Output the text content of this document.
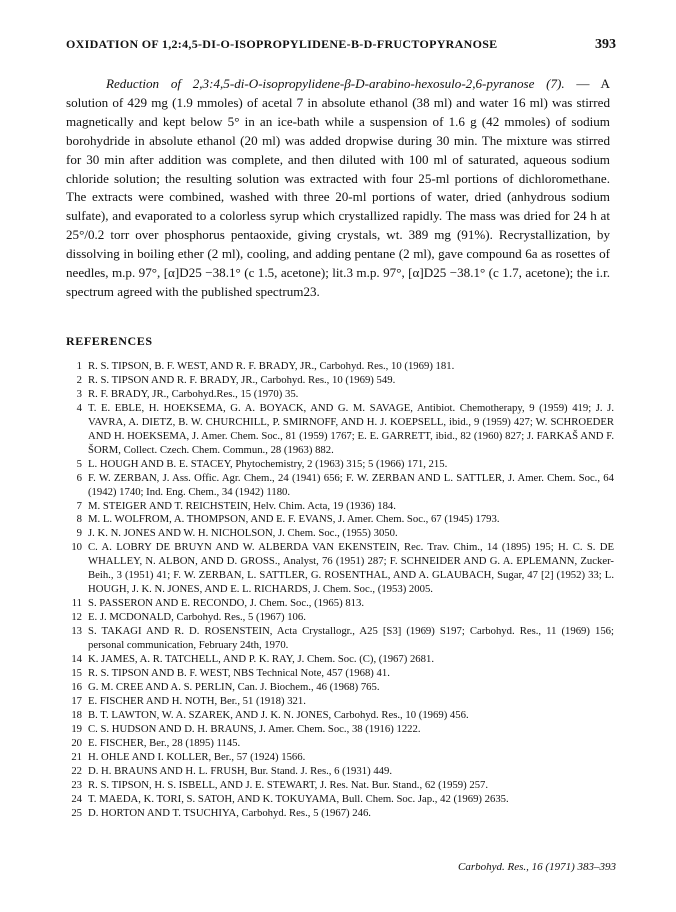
OXIDATION OF 1,2:4,5-DI-O-ISOPROPYLIDENE-Β-D-FRUCTOPYRANOSE	393
Reduction of 2,3:4,5-di-O-isopropylidene-β-D-arabino-hexosulo-2,6-pyranose (7). — A solution of 429 mg (1.9 mmoles) of acetal 7 in absolute ethanol (38 ml) and water 16 ml) was stirred magnetically and kept below 5° in an ice-bath while a suspension of 1.6 g (42 mmoles) of sodium borohydride in absolute ethanol (20 ml) was added dropwise during 30 min. The mixture was stirred for 30 min after addition was complete, and then diluted with 100 ml of saturated, aqueous sodium chloride solution; the resulting solution was extracted with four 25-ml portions of dichloromethane. The extracts were combined, washed with three 20-ml portions of water, dried (anhydrous sodium sulfate), and evaporated to a colorless syrup which crystallized rapidly. The mass was dried for 24 h at 25°/0.2 torr over phosphorus pentaoxide, giving crystals, wt. 389 mg (91%). Recrystallization, by dissolving in boiling ether (2 ml), cooling, and adding pentane (2 ml), gave compound 6a as rosettes of needles, m.p. 97°, [α]D25 −38.1° (c 1.5, acetone); lit.3 m.p. 97°, [α]D25 −38.1° (c 1.7, acetone); the i.r. spectrum agreed with the published spectrum23.
REFERENCES
1 R. S. TIPSON, B. F. WEST, AND R. F. BRADY, JR., Carbohyd. Res., 10 (1969) 181.
2 R. S. TIPSON AND R. F. BRADY, JR., Carbohyd. Res., 10 (1969) 549.
3 R. F. BRADY, JR., Carbohyd.Res., 15 (1970) 35.
4 T. E. EBLE, H. HOEKSEMA, G. A. BOYACK, AND G. M. SAVAGE, Antibiot. Chemotherapy, 9 (1959) 419; J. J. VAVRA, A. DIETZ, B. W. CHURCHILL, P. SMIRNOFF, AND H. J. KOEPSELL, ibid., 9 (1959) 427; W. SCHROEDER AND H. HOEKSEMA, J. Amer. Chem. Soc., 81 (1959) 1767; E. E. GARRETT, ibid., 82 (1960) 827; J. FARKAŠ AND F. ŠORM, Collect. Czech. Chem. Commun., 28 (1963) 882.
5 L. HOUGH AND B. E. STACEY, Phytochemistry, 2 (1963) 315; 5 (1966) 171, 215.
6 F. W. ZERBAN, J. Ass. Offic. Agr. Chem., 24 (1941) 656; F. W. ZERBAN AND L. SATTLER, J. Amer. Chem. Soc., 64 (1942) 1740; Ind. Eng. Chem., 34 (1942) 1180.
7 M. STEIGER AND T. REICHSTEIN, Helv. Chim. Acta, 19 (1936) 184.
8 M. L. WOLFROM, A. THOMPSON, AND E. F. EVANS, J. Amer. Chem. Soc., 67 (1945) 1793.
9 J. K. N. JONES AND W. H. NICHOLSON, J. Chem. Soc., (1955) 3050.
10 C. A. LOBRY DE BRUYN AND W. ALBERDA VAN EKENSTEIN, Rec. Trav. Chim., 14 (1895) 195; H. C. S. DE WHALLEY, N. ALBON, AND D. GROSS., Analyst, 76 (1951) 287; F. SCHNEIDER AND G. A. EPLEMANN, Zucker-Beih., 3 (1951) 41; F. W. ZERBAN, L. SATTLER, G. ROSENTHAL, AND A. GLAUBACH, Sugar, 47 [2] (1952) 33; L. HOUGH, J. K. N. JONES, AND E. L. RICHARDS, J. Chem. Soc., (1953) 2005.
11 S. PASSERON AND E. RECONDO, J. Chem. Soc., (1965) 813.
12 E. J. MCDONALD, Carbohyd. Res., 5 (1967) 106.
13 S. TAKAGI AND R. D. ROSENSTEIN, Acta Crystallogr., A25 [S3] (1969) S197; Carbohyd. Res., 11 (1969) 156; personal communication, February 24th, 1970.
14 K. JAMES, A. R. TATCHELL, AND P. K. RAY, J. Chem. Soc. (C), (1967) 2681.
15 R. S. TIPSON AND B. F. WEST, NBS Technical Note, 457 (1968) 41.
16 G. M. CREE AND A. S. PERLIN, Can. J. Biochem., 46 (1968) 765.
17 E. FISCHER AND H. NOTH, Ber., 51 (1918) 321.
18 B. T. LAWTON, W. A. SZAREK, AND J. K. N. JONES, Carbohyd. Res., 10 (1969) 456.
19 C. S. HUDSON AND D. H. BRAUNS, J. Amer. Chem. Soc., 38 (1916) 1222.
20 E. FISCHER, Ber., 28 (1895) 1145.
21 H. OHLE AND I. KOLLER, Ber., 57 (1924) 1566.
22 D. H. BRAUNS AND H. L. FRUSH, Bur. Stand. J. Res., 6 (1931) 449.
23 R. S. TIPSON, H. S. ISBELL, AND J. E. STEWART, J. Res. Nat. Bur. Stand., 62 (1959) 257.
24 T. MAEDA, K. TORI, S. SATOH, AND K. TOKUYAMA, Bull. Chem. Soc. Jap., 42 (1969) 2635.
25 D. HORTON AND T. TSUCHIYA, Carbohyd. Res., 5 (1967) 246.
Carbohyd. Res., 16 (1971) 383–393
